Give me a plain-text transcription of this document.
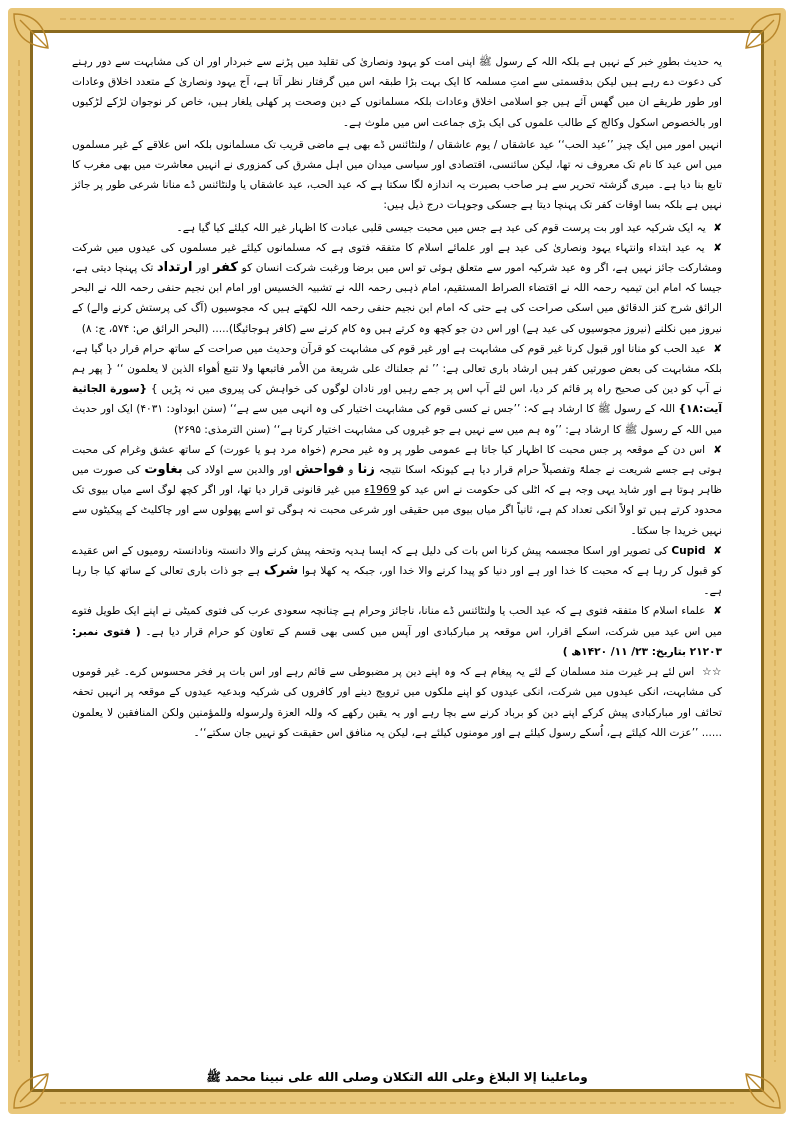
یہ حدیث بطورِ خبر کے نہیں ہے بلکہ اللہ کے رسول ﷺ اپنی امت کو یہود ونصاریٰ کی تقلید میں پڑنے سے خبردار اور ان کی مشابہت سے دور رہنے کی دعوت دے رہے ہیں لیکن بدقسمتی سے امتِ مسلمہ کا ایک بہت بڑا طبقہ اس میں گرفتار نظر آتا ہے، آج یہود ونصاریٰ کے متعدد اخلاق وعادات اور طور طریقے ان میں گھس آئے ہیں جو اسلامی اخلاق وعادات بلکہ مسلمانوں کے دین وصحت پر کھلی یلغار ہیں، خاص کر نوجوان لڑکے لڑکیوں اور بالخصوص اسکول وکالج کے طالب علموں کی ایک بڑی جماعت اس میں ملوث ہے۔

انہیں امور میں ایک چیز ’’عید الحب‘‘ عید عاشقاں / یوم عاشقاں / ولنٹائنس ڈے بھی ہے ماضی قریب تک مسلمانوں بلکہ اس علاقے کے غیر مسلموں میں اس عید کا نام تک معروف نہ تھا، لیکن سائنسی، اقتصادی اور سیاسی میدان میں اہل مشرق کی کمزوری نے انہیں معاشرت میں بھی مغرب کا تابع بنا دیا ہے۔ میری گزشتہ تحریر سے ہر صاحب بصیرت یہ اندازہ لگا سکتا ہے کہ عید الحب، عید عاشقاں یا ولنٹائنس ڈے منانا شرعی طور پر جائز نہیں ہے بلکہ بسا اوقات کفر تک پہنچا دیتا ہے جسکی وجوہات درج ذیل ہیں:

✘ یہ ایک شرکیہ عید اور بت پرست قوم کی عید ہے جس میں محبت جیسی قلبی عبادت کا اظہار غیر اللہ کیلئے کیا گیا ہے۔

✘ یہ عید ابتداء وانتہاء یہود ونصاریٰ کی عید ہے اور علمائے اسلام کا متفقہ فتوی ہے کہ مسلمانوں کیلئے غیر مسلموں کی عیدوں میں شرکت ومشارکت جائز نہیں ہے، اگر وہ عید شرکیہ امور سے متعلق ہوئی تو اس میں برضا ورغبت شرکت انسان کو کفر اور ارتداد تک پہنچا دیتی ہے، جیسا کہ امام ابن تیمیہ رحمہ اللہ نے اقتضاء الصراط المستقیم، امام ذہبی رحمہ اللہ نے تشبیہ الخسیس اور امام ابن نجیم حنفی رحمہ اللہ نے البحر الرائق شرح کنز الدقائق میں اسکی صراحت کی ہے حتی کہ امام ابن نجیم حنفی رحمہ اللہ لکھتے ہیں کہ مجوسیوں (آگ کی پرستش کرنے والے) کے نیروز میں نکلنے (نیروز مجوسیوں کی عید ہے) اور اس دن جو کچھ وہ کرتے ہیں وہ کام کرنے سے (کافر ہوجائیگا)..... (البحر الرائق ص: ۵۷۴، ج: ۸)

✘ عید الحب کو منانا اور قبول کرنا غیر قوم کی مشابہت ہے اور غیر قوم کی مشابہت کو قرآن وحدیث میں صراحت کے ساتھ حرام قرار دیا گیا ہے، بلکہ مشابہت کی بعض صورتیں کفر ہیں ارشاد باری تعالی ہے: ’’ ثم جعلناك على شريعة من الأمر فاتبعها ولا تتبع أهواء الذين لا يعلمون ‘‘ { پھر ہم نے آپ کو دین کی صحیح راہ پر قائم کر دیا، اس لئے آپ اس پر جمے رہیں اور نادان لوگوں کی خواہش کی پیروی میں نہ پڑیں } {سورة الجاثية آيت:۱۸} اللہ کے رسول ﷺ کا ارشاد ہے کہ: ’’جس نے کسی قوم کی مشابہت اختیار کی وہ انہی میں سے ہے‘‘ (سنن ابوداود: ۴۰۳۱) ایک اور حدیث میں اللہ کے رسول ﷺ کا ارشاد ہے: ’’وہ ہم میں سے نہیں ہے جو غیروں کی مشابہت اختیار کرتا ہے‘‘ (سنن الترمذی: ۲۶۹۵)

✘ اس دن کے موقعہ پر جس محبت کا اظہار کیا جاتا ہے عمومی طور پر وہ غیر محرم (خواہ مرد ہو یا عورت) کے ساتھ عشق وغرام کی محبت ہوتی ہے جسے شریعت نے جملۃً وتفصیلاً حرام قرار دیا ہے کیونکہ اسکا نتیجہ زنا و فواحش اور والدین سے اولاد کی بغاوت کی صورت میں ظاہر ہوتا ہے اور شاید یہی وجہ ہے کہ اٹلی کی حکومت نے اس عید کو 1969ء میں غیر قانونی قرار دیا تھا، اور اگر کچھ لوگ اسے میاں بیوی تک محدود کرتے ہیں تو اولاً انکی تعداد کم ہے، ثانیاً اگر میاں بیوی میں حقیقی اور شرعی محبت نہ ہوگی تو اسے پھولوں سے اور چاکلیٹ کے پیکیٹوں سے نہیں خریدا جا سکتا۔

✘ Cupid کی تصویر اور اسکا مجسمہ پیش کرنا اس بات کی دلیل ہے کہ ایسا ہدیہ وتحفہ پیش کرنے والا دانستہ ونادانستہ رومیوں کے اس عقیدے کو قبول کر رہا ہے کہ محبت کا خدا اور ہے اور دنیا کو پیدا کرنے والا خدا اور، جبکہ یہ کھلا ہوا شرک ہے جو ذات باری تعالی کے ساتھ کیا جا رہا ہے۔

✘ علماء اسلام کا متفقہ فتوی ہے کہ عید الحب یا ولنٹائنس ڈے منانا، ناجائز وحرام ہے چنانچہ سعودی عرب کی فتوی کمیٹی نے اپنے ایک طویل فتوے میں اس عید میں شرکت، اسکے اقرار، اس موقعہ پر مبارکبادی اور آپس میں کسی بھی قسم کے تعاون کو حرام قرار دیا ہے۔ ( فتوی نمبر: ۲۱۲۰۳ بتاریخ: ۲۳/ ۱۱/ ۱۴۲۰ھ )

☆☆ اس لئے ہر غیرت مند مسلمان کے لئے یہ پیغام ہے کہ وہ اپنے دین پر مضبوطی سے قائم رہے اور اس بات پر فخر محسوس کرے۔ غیر قوموں کی مشابہت، انکی عیدوں میں شرکت، انکی عیدوں کو اپنے ملکوں میں ترویج دینے اور کافروں کی شرکیہ وبدعیہ عیدوں کے موقعہ پر انہیں تحفہ تحائف اور مبارکبادی پیش کرکے اپنے دین کو برباد کرنے سے بچا رہے اور یہ یقین رکھے کہ وللہ العزة ولرسوله وللمؤمنين ولكن المنافقين لا يعلمون ...... ’’عزت اللہ کیلئے ہے، اُسکے رسول کیلئے ہے اور مومنوں کیلئے ہے، لیکن یہ منافق اس حقیقت کو نہیں جان سکتے‘‘۔

وماعلينا إلا البلاغ وعلى الله التكلان وصلى الله على نبينا محمد ﷺ
